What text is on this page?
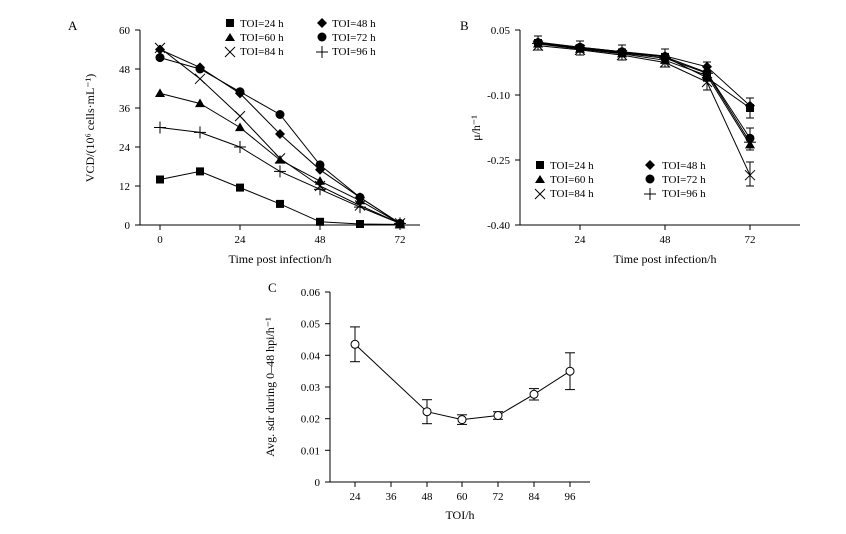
A
0
12
24
36
48
60
0	24	48	72
Time post infection/h
VCD/(10⁶ cells·mL⁻¹)
TOI=24 h	TOI=48 h
TOI=60 h	TOI=72 h
TOI=84 h	TOI=96 h
B 0.05
-0.10
-0.25
-0.40
24	48	72
Time post infection/h
μ/h⁻¹
TOI=24 h	TOI=48 h
TOI=60 h	TOI=72 h
TOI=84 h	TOI=96 h
C
0
0.01
0.02
0.03
0.04
0.05
0.06
24 36 48 60 72 84 96
TOI/h
Avg. sdr during 0–48 hpi/h⁻¹
